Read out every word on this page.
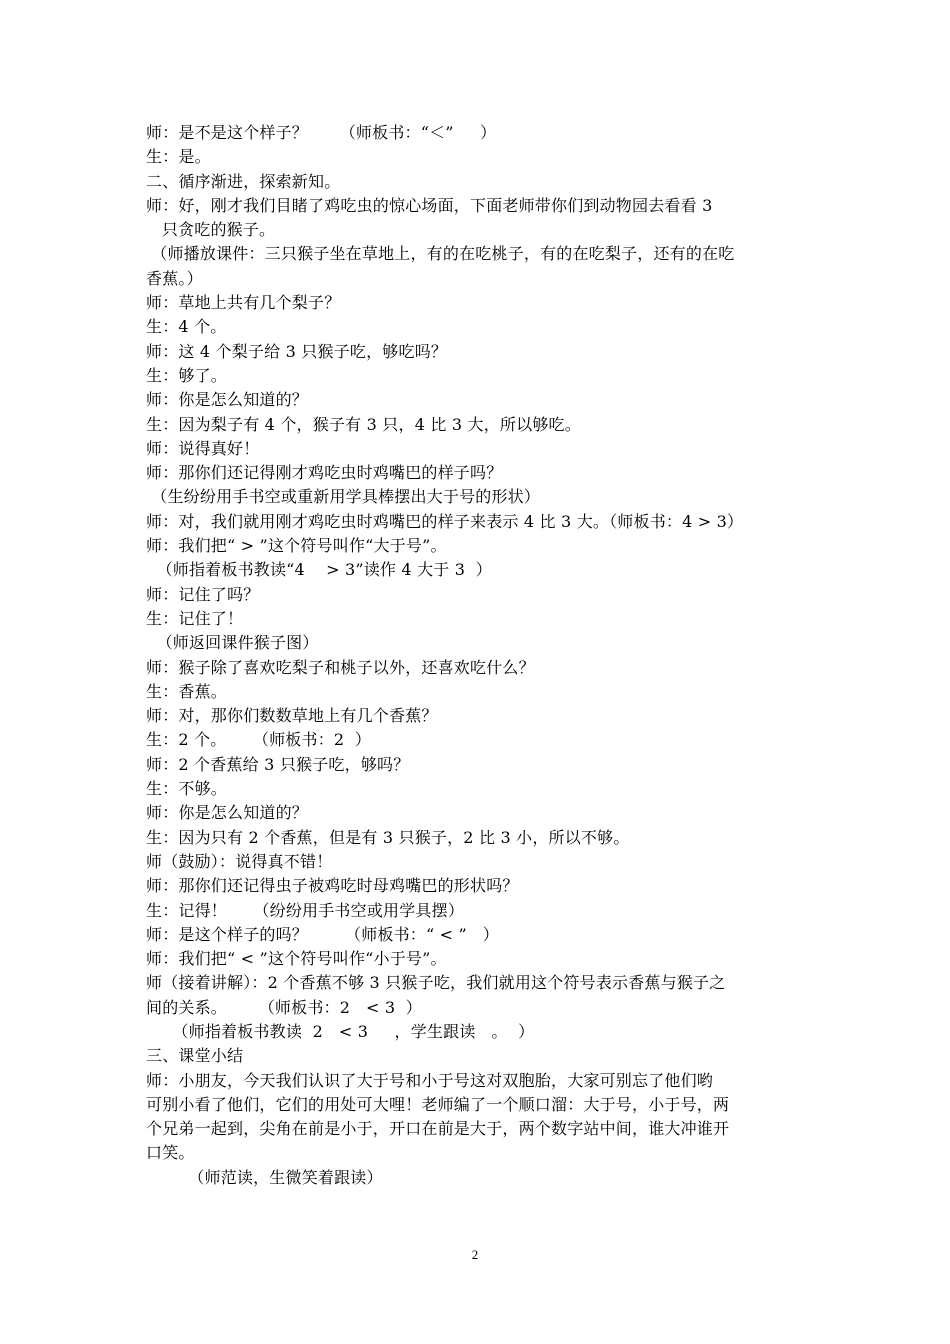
师：是不是这个样子？      （师板书：“＜”     ）
生：是。
二、循序渐进，探索新知。
师：好，刚才我们目睹了鸡吃虫的惊心场面，下面老师带你们到动物园去看看 3
只贪吃的猴子。
（师播放课件：三只猴子坐在草地上，有的在吃桃子，有的在吃梨子，还有的在吃
香蕉。）
师：草地上共有几个梨子？
生：4 个。
师：这 4 个梨子给 3 只猴子吃，够吃吗？
生：够了。
师：你是怎么知道的？
生：因为梨子有 4 个，猴子有 3 只，4 比 3 大，所以够吃。
师：说得真好！
师：那你们还记得刚才鸡吃虫时鸡嘴巴的样子吗？
（生纷纷用手书空或重新用学具棒摆出大于号的形状）
师：对，我们就用刚才鸡吃虫时鸡嘴巴的样子来表示 4 比 3 大。（师板书：4 > 3）
师：我们把“ > ”这个符号叫作“大于号”。
（师指着板书教读“4    > 3”读作 4 大于 3  ）
师：记住了吗？
生：记住了！
（师返回课件猴子图）
师：猴子除了喜欢吃梨子和桃子以外，还喜欢吃什么？
生：香蕉。
师：对，那你们数数草地上有几个香蕉？
生：2 个。     （师板书：2  ）
师：2 个香蕉给 3 只猴子吃，够吗？
生：不够。
师：你是怎么知道的？
生：因为只有 2 个香蕉，但是有 3 只猴子，2 比 3 小，所以不够。
师（鼓励）：说得真不错！
师：那你们还记得虫子被鸡吃时母鸡嘴巴的形状吗？
生：记得！     （纷纷用手书空或用学具摆）
师：是这个样子的吗？       （师板书：“ < ”   ）
师：我们把“ < ”这个符号叫作“小于号”。
师（接着讲解）：2 个香蕉不够 3 只猴子吃，我们就用这个符号表示香蕉与猴子之
间的关系。      （师板书：2   < 3  ）
（师指着板书教读  2   < 3     ，学生跟读   。  ）
三、课堂小结
师：小朋友，今天我们认识了大于号和小于号这对双胞胎，大家可别忘了他们哟
可别小看了他们，它们的用处可大哩！老师编了一个顺口溜：大于号，小于号，两
个兄弟一起到，尖角在前是小于，开口在前是大于，两个数字站中间，谁大冲谁开
口笑。
（师范读，生微笑着跟读）
2
